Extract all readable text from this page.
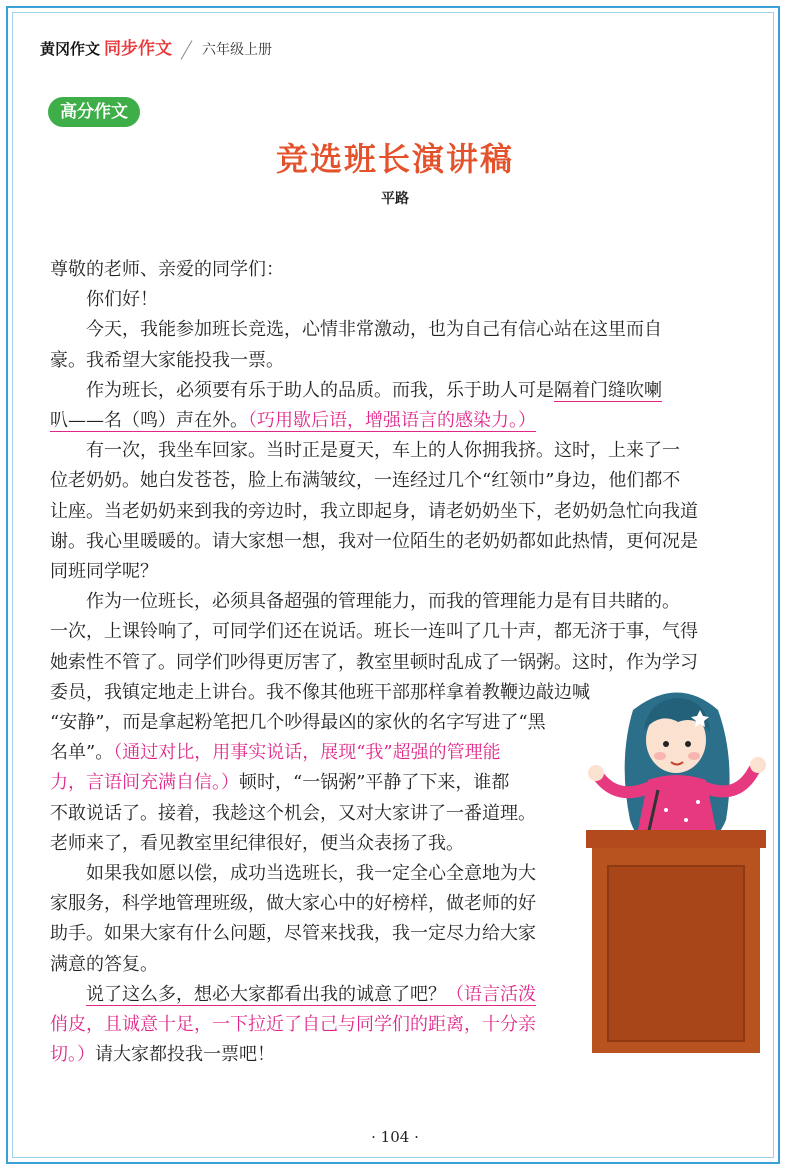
黄冈作文 同步作文 六年级上册
高分作文
竞选班长演讲稿
平路
尊敬的老师、亲爱的同学们：
你们好！
今天，我能参加班长竞选，心情非常激动，也为自己有信心站在这里而自
豪。我希望大家能投我一票。
作为班长，必须要有乐于助人的品质。而我，乐于助人可是隔着门缝吹喇
叭——名（鸣）声在外。（巧用歇后语，增强语言的感染力。）
有一次，我坐车回家。当时正是夏天，车上的人你拥我挤。这时，上来了一
位老奶奶。她白发苍苍，脸上布满皱纹，一连经过几个“红领巾”身边，他们都不
让座。当老奶奶来到我的旁边时，我立即起身，请老奶奶坐下，老奶奶急忙向我道
谢。我心里暖暖的。请大家想一想，我对一位陌生的老奶奶都如此热情，更何况是
同班同学呢？
作为一位班长，必须具备超强的管理能力，而我的管理能力是有目共睹的。
一次，上课铃响了，可同学们还在说话。班长一连叫了几十声，都无济于事，气得
她索性不管了。同学们吵得更厉害了，教室里顿时乱成了一锅粥。这时，作为学习
委员，我镇定地走上讲台。我不像其他班干部那样拿着教鞭边敲边喊
“安静”，而是拿起粉笔把几个吵得最凶的家伙的名字写进了“黑
名单”。（通过对比，用事实说话，展现“我”超强的管理能
力，言语间充满自信。）顿时，“一锅粥”平静了下来，谁都
不敢说话了。接着，我趁这个机会，又对大家讲了一番道理。
老师来了，看见教室里纪律很好，便当众表扬了我。
如果我如愿以偿，成功当选班长，我一定全心全意地为大
家服务，科学地管理班级，做大家心中的好榜样，做老师的好
助手。如果大家有什么问题，尽管来找我，我一定尽力给大家
满意的答复。
说了这么多，想必大家都看出我的诚意了吧？（语言活泼
俏皮，且诚意十足，一下拉近了自己与同学们的距离，十分亲
切。）请大家都投我一票吧！
· 104 ·
